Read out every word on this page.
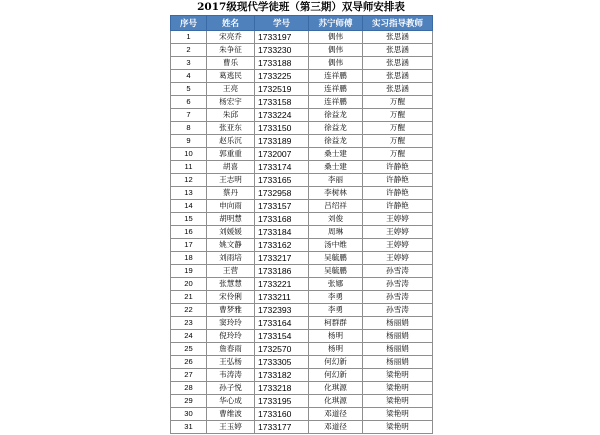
2017级现代学徒班（第三期）双导师安排表
序号	姓名	学号	苏宁师傅	实习指导教师
1	宋亮乔	1733197	偶伟	张思涵
2	朱争征	1733230	偶伟	张思涵
3	曹乐	1733188	偶伟	张思涵
4	葛逃民	1733225	连祥鹏	张思涵
5	王亮	1732519	连祥鹏	张思涵
6	杨宏宇	1733158	连祥鹏	万醒
7	朱邱	1733224	徐益龙	万醒
8	张亚东	1733150	徐益龙	万醒
9	赵乐沉	1733189	徐益龙	万醒
10	郭重重	1732007	桑士建	万醒
11	胡喜	1733174	桑士建	许静艳
12	王志明	1733165	李丽	许静艳
13	蔡丹	1732958	李树林	许静艳
14	申向雨	1733157	吕绍祥	许静艳
15	胡明慧	1733168	刘俊	王婷婷
16	刘媛媛	1733184	周琳	王婷婷
17	姚文静	1733162	汤中维	王婷婷
18	刘雨培	1733217	吴毓鹏	王婷婷
19	王营	1733186	吴毓鹏	孙雪涛
20	张慧慧	1733221	张娜	孙雪涛
21	宋伶俐	1733211	李勇	孙雪涛
22	曹梦雅	1732393	李勇	孙雪涛
23	窦玲玲	1733164	柯群群	杨丽娟
24	倪玲玲	1733154	杨明	杨丽娟
25	詹春雨	1732570	杨明	杨丽娟
26	王弘杨	1733305	何幻新	杨丽娟
27	韦涛涛	1733182	何幻新	梁艳明
28	孙子悦	1733218	化琪源	梁艳明
29	华心成	1733195	化琪源	梁艳明
30	曹维波	1733160	邓道径	梁艳明
31	王玉婷	1733177	邓道径	梁艳明
